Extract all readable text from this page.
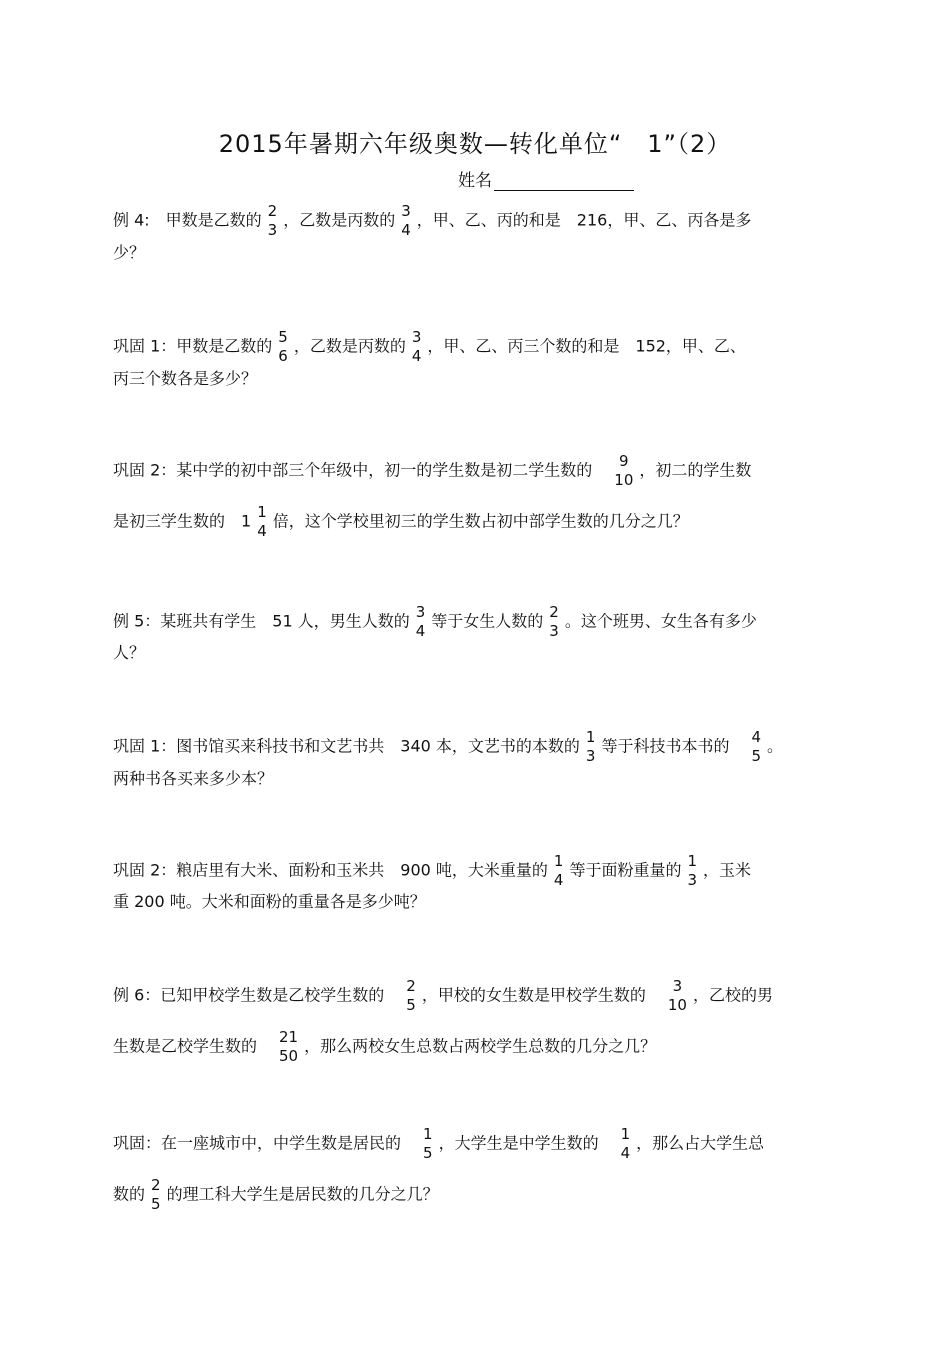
2015年暑期六年级奥数—转化单位“　1”（2）
姓名
例 4:　甲数是乙数的 2
3
，乙数是丙数的 3
4
，甲、乙、丙的和是　216，甲、乙、丙各是多
少？
巩固 1：甲数是乙数的 5
6
，乙数是丙数的 3
4
，甲、乙、丙三个数的和是　152，甲、乙、
丙三个数各是多少？
巩固 2：某中学的初中部三个年级中，初一的学生数是初二学生数的　 9
10
，初二的学生数
是初三学生数的　1 1
4
倍，这个学校里初三的学生数占初中部学生数的几分之几？
例 5：某班共有学生　51 人，男生人数的 3
4
等于女生人数的 2
3
。这个班男、女生各有多少
人？
巩固 1：图书馆买来科技书和文艺书共　340 本，文艺书的本数的 1
3
等于科技书本书的　 4
5
。
两种书各买来多少本？
巩固 2：粮店里有大米、面粉和玉米共　900 吨，大米重量的 1
4
等于面粉重量的 1
3
，玉米
重 200 吨。大米和面粉的重量各是多少吨？
例 6：已知甲校学生数是乙校学生数的　 2
5
，甲校的女生数是甲校学生数的　 3
10
，乙校的男
生数是乙校学生数的　 21
50
，那么两校女生总数占两校学生总数的几分之几？
巩固：在一座城市中，中学生数是居民的　 1
5
，大学生是中学生数的　 1
4
，那么占大学生总
数的 2
5
的理工科大学生是居民数的几分之几？
